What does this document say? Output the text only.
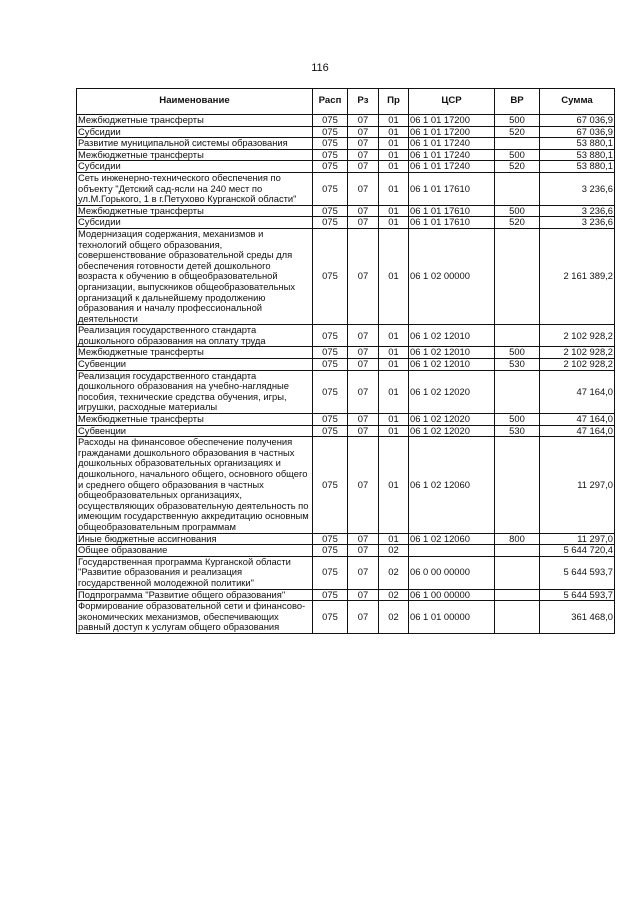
116
Наименование	Расп	Рз	Пр	ЦСР	ВР	Сумма
Межбюджетные трансферты	075	07	01	06 1 01 17200	500	67 036,9
Субсидии	075	07	01	06 1 01 17200	520	67 036,9
Развитие муниципальной системы образования	075	07	01	06 1 01 17240		53 880,1
Межбюджетные трансферты	075	07	01	06 1 01 17240	500	53 880,1
Субсидии	075	07	01	06 1 01 17240	520	53 880,1
Сеть инженерно-технического обеспечения по объекту "Детский сад-ясли на 240 мест по ул.М.Горького, 1 в г.Петухово Курганской области"	075	07	01	06 1 01 17610		3 236,6
Межбюджетные трансферты	075	07	01	06 1 01 17610	500	3 236,6
Субсидии	075	07	01	06 1 01 17610	520	3 236,6
Модернизация содержания, механизмов и технологий общего образования, совершенствование образовательной среды для обеспечения готовности детей дошкольного возраста к обучению в общеобразовательной организации, выпускников общеобразовательных организаций к дальнейшему продолжению образования и началу профессиональной деятельности	075	07	01	06 1 02 00000		2 161 389,2
Реализация государственного стандарта дошкольного образования на оплату труда	075	07	01	06 1 02 12010		2 102 928,2
Межбюджетные трансферты	075	07	01	06 1 02 12010	500	2 102 928,2
Субвенции	075	07	01	06 1 02 12010	530	2 102 928,2
Реализация государственного стандарта дошкольного образования на учебно-наглядные пособия, технические средства обучения, игры, игрушки, расходные материалы	075	07	01	06 1 02 12020		47 164,0
Межбюджетные трансферты	075	07	01	06 1 02 12020	500	47 164,0
Субвенции	075	07	01	06 1 02 12020	530	47 164,0
Расходы на финансовое обеспечение получения гражданами дошкольного образования в частных дошкольных образовательных организациях и дошкольного, начального общего, основного общего и среднего общего образования в частных общеобразовательных организациях, осуществляющих образовательную деятельность по имеющим государственную аккредитацию основным общеобразовательным программам	075	07	01	06 1 02 12060		11 297,0
Иные бюджетные ассигнования	075	07	01	06 1 02 12060	800	11 297,0
Общее образование	075	07	02			5 644 720,4
Государственная программа Курганской области "Развитие образования и реализация государственной молодежной политики"	075	07	02	06 0 00 00000		5 644 593,7
Подпрограмма "Развитие общего образования"	075	07	02	06 1 00 00000		5 644 593,7
Формирование образовательной сети и финансово-экономических механизмов, обеспечивающих равный доступ к услугам общего образования	075	07	02	06 1 01 00000		361 468,0
